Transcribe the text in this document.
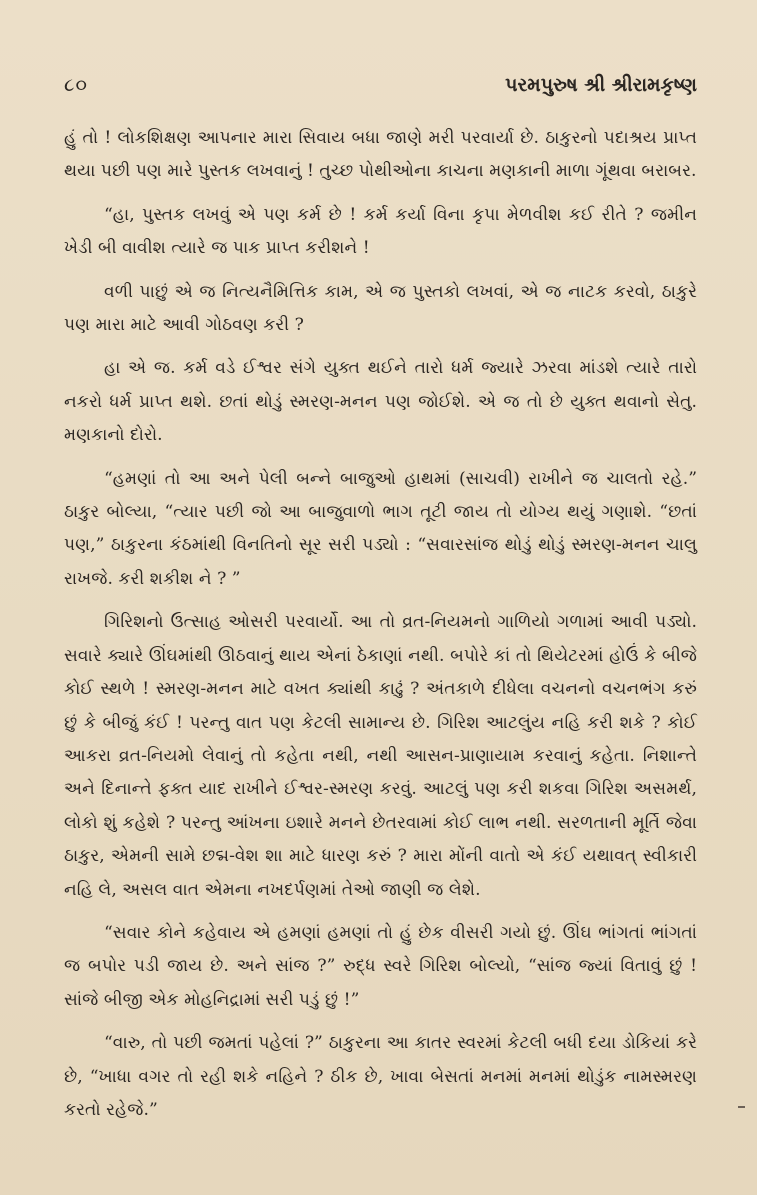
૮૦	પરમપુરુષ શ્રી શ્રીરામકૃષ્ણ

હું તો ! લોકશિક્ષણ આપનાર મારા સિવાય બધા જાણે મરી પરવાર્યા છે. ઠાકુરનો પદાશ્રય પ્રાપ્ત થયા પછી પણ મારે પુસ્તક લખવાનું ! તુચ્છ પોથીઓના કાચના મણકાની માળા ગૂંથવા બરાબર.

“હા, પુસ્તક લખવું એ પણ કર્મ છે ! કર્મ કર્યા વિના કૃપા મેળવીશ કઈ રીતે ? જમીન ખેડી બી વાવીશ ત્યારે જ પાક પ્રાપ્ત કરીશને !

વળી પાછું એ જ નિત્યનૈમિત્તિક કામ, એ જ પુસ્તકો લખવાં, એ જ નાટક કરવો, ઠાકુરે પણ મારા માટે આવી ગોઠવણ કરી ?

હા એ જ. કર્મ વડે ઈશ્વર સંગે યુક્ત થઈને તારો ધર્મ જ્યારે ઝરવા માંડશે ત્યારે તારો નકરો ધર્મ પ્રાપ્ત થશે. છતાં થોડું સ્મરણ-મનન પણ જોઈશે. એ જ તો છે યુક્ત થવાનો સેતુ. મણકાનો દોરો.

“હમણાં તો આ અને પેલી બન્ને બાજુઓ હાથમાં (સાચવી) રાખીને જ ચાલતો રહે.” ઠાકુર બોલ્યા, “ત્યાર પછી જો આ બાજુવાળો ભાગ તૂટી જાય તો યોગ્ય થયું ગણાશે. “છતાં પણ,” ઠાકુરના કંઠમાંથી વિનતિનો સૂર સરી પડ્યો : “સવારસાંજ થોડું થોડું સ્મરણ-મનન ચાલુ રાખજે. કરી શકીશ ને ? ”

ગિરિશનો ઉત્સાહ ઓસરી પરવાર્યો. આ તો વ્રત-નિયમનો ગાળિયો ગળામાં આવી પડ્યો. સવારે ક્યારે ઊંઘમાંથી ઊઠવાનું થાય એનાં ઠેકાણાં નથી. બપોરે કાં તો થિયેટરમાં હોઉં કે બીજે કોઈ સ્થળે ! સ્મરણ-મનન માટે વખત ક્યાંથી કાઢું ? અંતકાળે દીધેલા વચનનો વચનભંગ કરું છું કે બીજું કંઈ ! પરન્તુ વાત પણ કેટલી સામાન્ય છે. ગિરિશ આટલુંય નહિ કરી શકે ? કોઈ આકરા વ્રત-નિયમો લેવાનું તો કહેતા નથી, નથી આસન-પ્રાણાયામ કરવાનું કહેતા. નિશાન્તે અને દિનાન્તે ફક્ત યાદ રાખીને ઈશ્વર-સ્મરણ કરવું. આટલું પણ કરી શકવા ગિરિશ અસમર્થ, લોકો શું કહેશે ? પરન્તુ આંખના ઇશારે મનને છેતરવામાં કોઈ લાભ નથી. સરળતાની મૂર્તિ જેવા ઠાકુર, એમની સામે છદ્મ-વેશ શા માટે ધારણ કરું ? મારા મોંની વાતો એ કંઈ યથાવત્ સ્વીકારી નહિ લે, અસલ વાત એમના નખદર્પણમાં તેઓ જાણી જ લેશે.

“સવાર કોને કહેવાય એ હમણાં હમણાં તો હું છેક વીસરી ગયો છું. ઊંઘ ભાંગતાં ભાંગતાં જ બપોર પડી જાય છે. અને સાંજ ?” રુદ્ધ સ્વરે ગિરિશ બોલ્યો, “સાંજ જ્યાં વિતાવું છું ! સાંજે બીજી એક મોહનિદ્રામાં સરી પડું છું !”

“વારુ, તો પછી જમતાં પહેલાં ?” ઠાકુરના આ કાતર સ્વરમાં કેટલી બધી દયા ડોકિયાં કરે છે, “ખાધા વગર તો રહી શકે નહિને ? ઠીક છે, ખાવા બેસતાં મનમાં મનમાં થોડુંક નામસ્મરણ કરતો રહેજે.”
